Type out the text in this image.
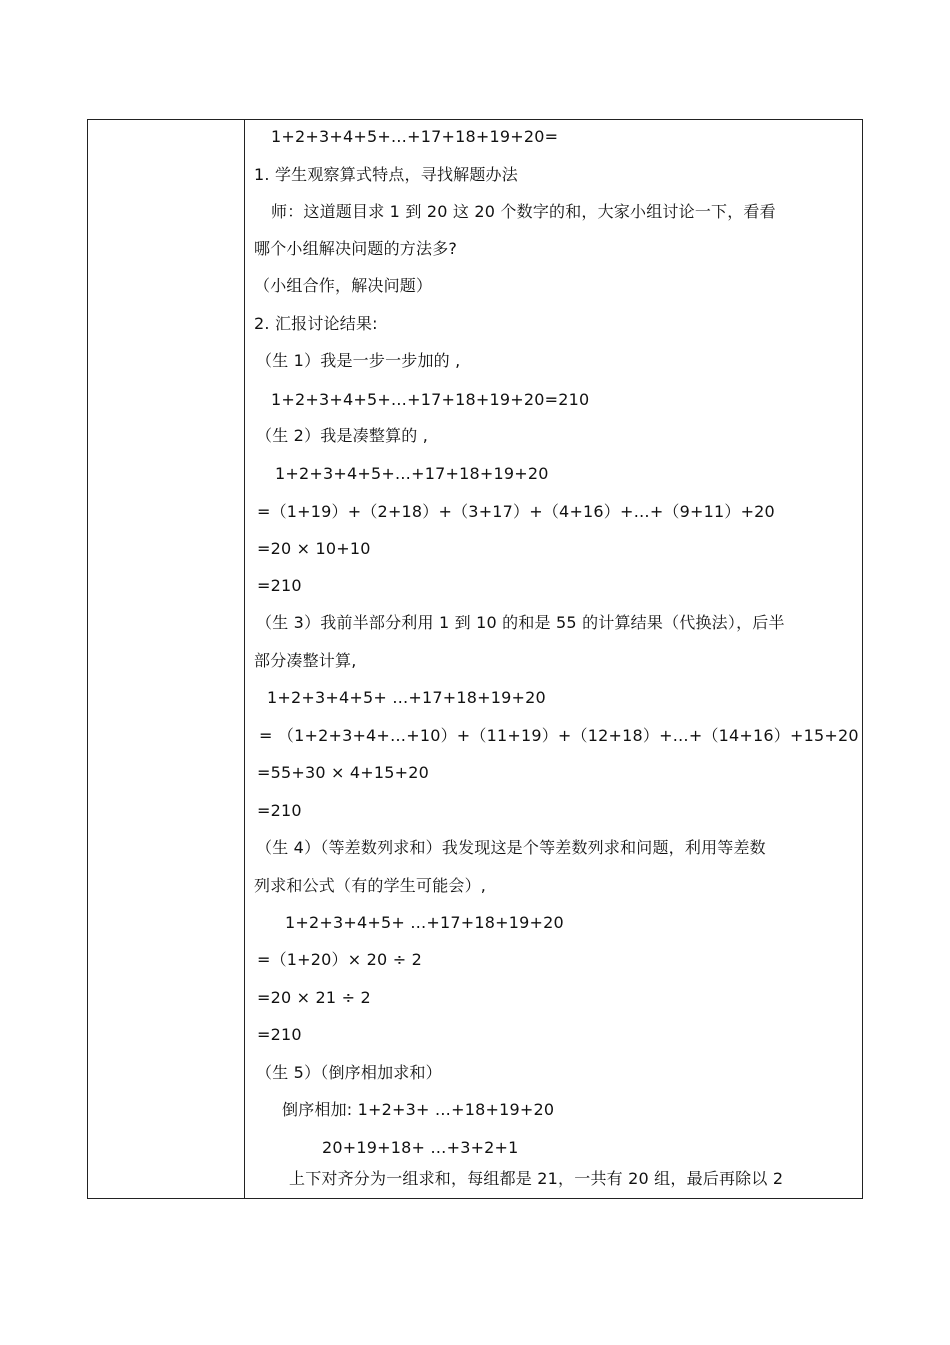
1+2+3+4+5+…+17+18+19+20=
1. 学生观察算式特点，寻找解题办法
师：这道题目求 1 到 20 这 20 个数字的和，大家小组讨论一下，看看
哪个小组解决问题的方法多?
（小组合作，解决问题）
2. 汇报讨论结果:
（生 1）我是一步一步加的 ,
1+2+3+4+5+…+17+18+19+20=210
（生 2）我是凑整算的 ,
1+2+3+4+5+…+17+18+19+20
=（1+19）+（2+18）+（3+17）+（4+16）+…+（9+11）+20
=20 × 10+10
=210
（生 3）我前半部分利用 1 到 10 的和是 55 的计算结果（代换法），后半
部分凑整计算,
1+2+3+4+5+ …+17+18+19+20
= （1+2+3+4+…+10）+（11+19）+（12+18）+…+（14+16）+15+20
=55+30 × 4+15+20
=210
（生 4）（等差数列求和）我发现这是个等差数列求和问题，利用等差数
列求和公式（有的学生可能会）,
1+2+3+4+5+ …+17+18+19+20
=（1+20）× 20 ÷ 2
=20 × 21 ÷ 2
=210
（生 5）（倒序相加求和）
倒序相加: 1+2+3+ …+18+19+20
20+19+18+ …+3+2+1
上下对齐分为一组求和，每组都是 21，一共有 20 组，最后再除以 2
